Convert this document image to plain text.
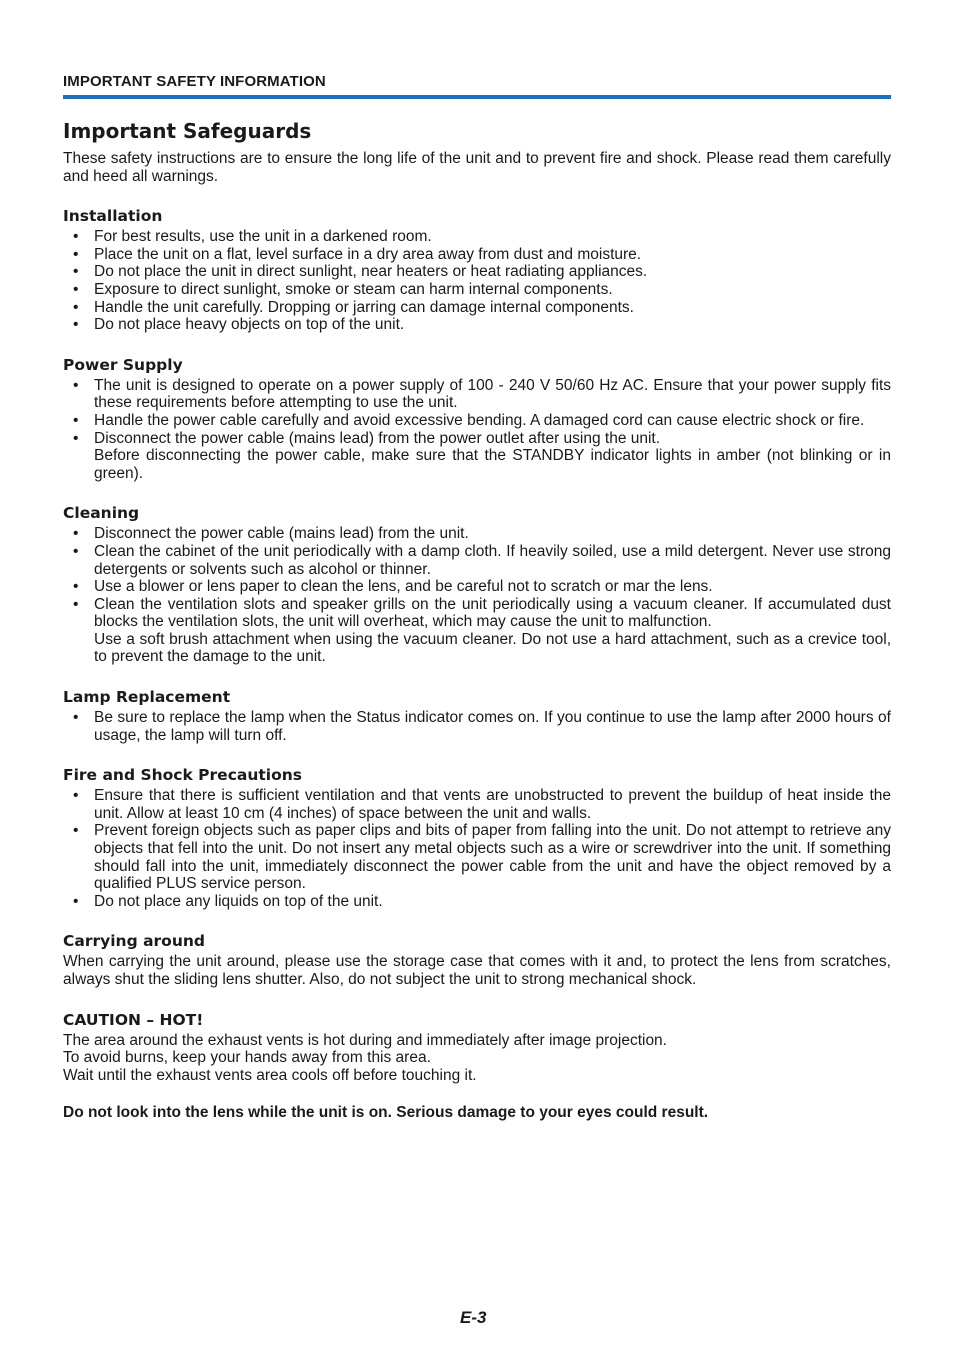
IMPORTANT SAFETY INFORMATION
Important Safeguards

These safety instructions are to ensure the long life of the unit and to prevent fire and shock. Please read them carefully and heed all warnings.

Installation
• For best results, use the unit in a darkened room.
• Place the unit on a flat, level surface in a dry area away from dust and moisture.
• Do not place the unit in direct sunlight, near heaters or heat radiating appliances.
• Exposure to direct sunlight, smoke or steam can harm internal components.
• Handle the unit carefully. Dropping or jarring can damage internal components.
• Do not place heavy objects on top of the unit.
Power Supply
• The unit is designed to operate on a power supply of 100 - 240 V 50/60 Hz AC. Ensure that your power supply fits these requirements before attempting to use the unit.
• Handle the power cable carefully and avoid excessive bending. A damaged cord can cause electric shock or fire.
• Disconnect the power cable (mains lead) from the power outlet after using the unit.
Before disconnecting the power cable, make sure that the STANDBY indicator lights in amber (not blinking or in green).
Cleaning
• Disconnect the power cable (mains lead) from the unit.
• Clean the cabinet of the unit periodically with a damp cloth. If heavily soiled, use a mild detergent. Never use strong detergents or solvents such as alcohol or thinner.
• Use a blower or lens paper to clean the lens, and be careful not to scratch or mar the lens.
• Clean the ventilation slots and speaker grills on the unit periodically using a vacuum cleaner. If accumulated dust blocks the ventilation slots, the unit will overheat, which may cause the unit to malfunction.
Use a soft brush attachment when using the vacuum cleaner. Do not use a hard attachment, such as a crevice tool, to prevent the damage to the unit.
Lamp Replacement
• Be sure to replace the lamp when the Status indicator comes on. If you continue to use the lamp after 2000 hours of usage, the lamp will turn off.
Fire and Shock Precautions
• Ensure that there is sufficient ventilation and that vents are unobstructed to prevent the buildup of heat inside the unit. Allow at least 10 cm (4 inches) of space between the unit and walls.
• Prevent foreign objects such as paper clips and bits of paper from falling into the unit. Do not attempt to retrieve any objects that fell into the unit. Do not insert any metal objects such as a wire or screwdriver into the unit. If something should fall into the unit, immediately disconnect the power cable from the unit and have the object removed by a qualified PLUS service person.
• Do not place any liquids on top of the unit.
Carrying around

When carrying the unit around, please use the storage case that comes with it and, to protect the lens from scratches, always shut the sliding lens shutter. Also, do not subject the unit to strong mechanical shock.

CAUTION – HOT!

The area around the exhaust vents is hot during and immediately after image projection.

To avoid burns, keep your hands away from this area.

Wait until the exhaust vents area cools off before touching it.

Do not look into the lens while the unit is on. Serious damage to your eyes could result.

E-3
